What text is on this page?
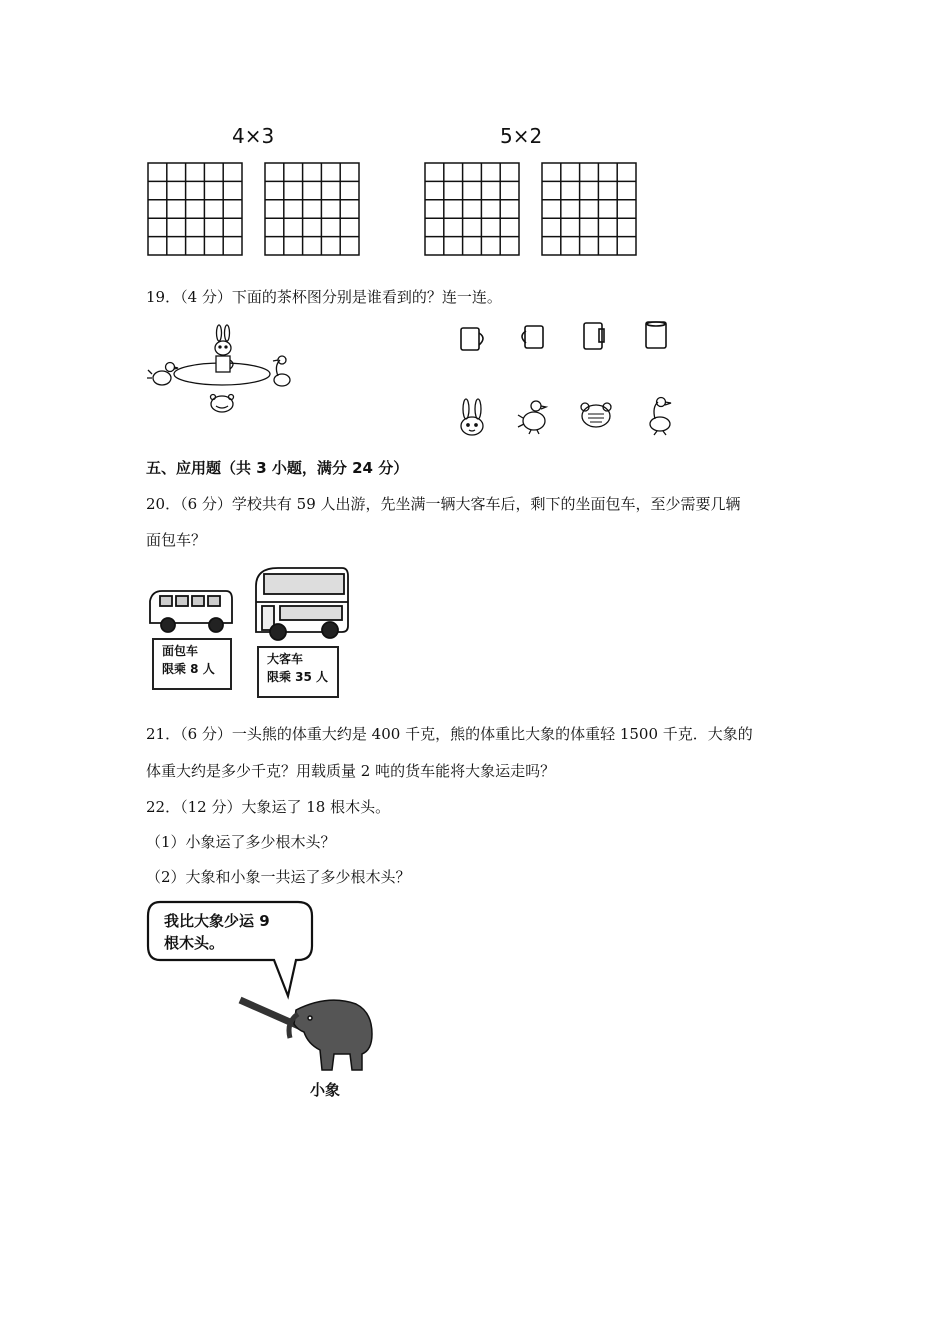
4×3	5×2
19．（4 分）下面的茶杯图分别是谁看到的？连一连。
五、应用题（共 3 小题，满分 24 分）
20．（6 分）学校共有 59 人出游，先坐满一辆大客车后，剩下的坐面包车，至少需要几辆
面包车？
面包车
限乘 8 人
大客车
限乘 35 人
21．（6 分）一头熊的体重大约是 400 千克，熊的体重比大象的体重轻 1500 千克．大象的
体重大约是多少千克？用载质量 2 吨的货车能将大象运走吗？
22．（12 分）大象运了 18 根木头。
（1）小象运了多少根木头？
（2）大象和小象一共运了多少根木头？
我比大象少运 9
根木头。
小象
